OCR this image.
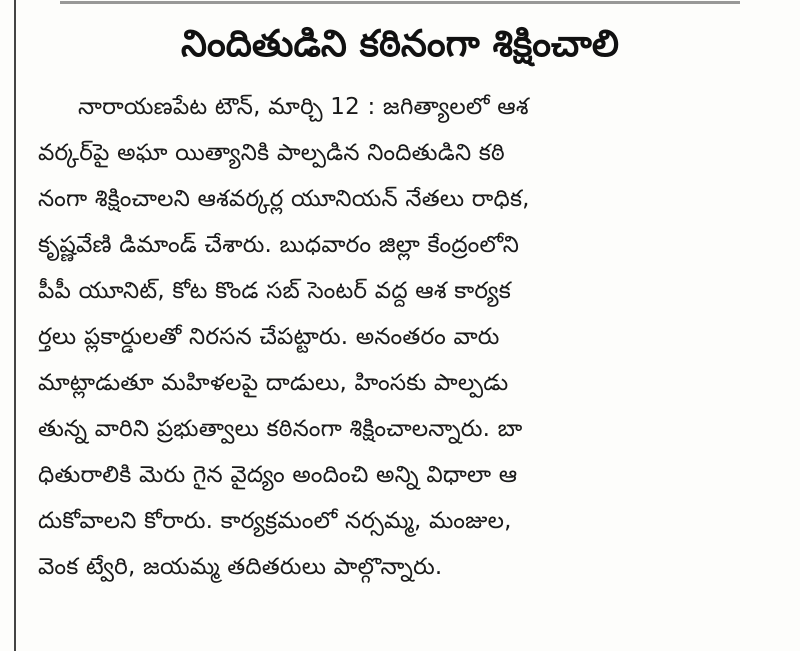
నిందితుడిని కఠినంగా శిక్షించాలి
నారాయణపేట టౌన్, మార్చి 12 : జగిత్యాలలో ఆశ
వర్కర్‌పై అఘా యిత్యానికి పాల్పడిన నిందితుడిని కఠి
నంగా శిక్షించాలని ఆశవర్కర్ల యూనియన్ నేతలు రాధిక,
కృష్ణవేణి డిమాండ్ చేశారు. బుధవారం జిల్లా కేంద్రంలోని
పీపీ యూనిట్, కోట కొండ సబ్ సెంటర్ వద్ద ఆశ కార్యక
ర్తలు ప్లకార్డులతో నిరసన చేపట్టారు. అనంతరం వారు
మాట్లాడుతూ మహిళలపై దాడులు, హింసకు పాల్పడు
తున్న వారిని ప్రభుత్వాలు కఠినంగా శిక్షించాలన్నారు. బా
ధితురాలికి మెరు గైన వైద్యం అందించి అన్ని విధాలా ఆ
దుకోవాలని కోరారు. కార్యక్రమంలో నర్సమ్మ, మంజుల,
వెంక ట్వేరి, జయమ్మ తదితరులు పాల్గొన్నారు.
